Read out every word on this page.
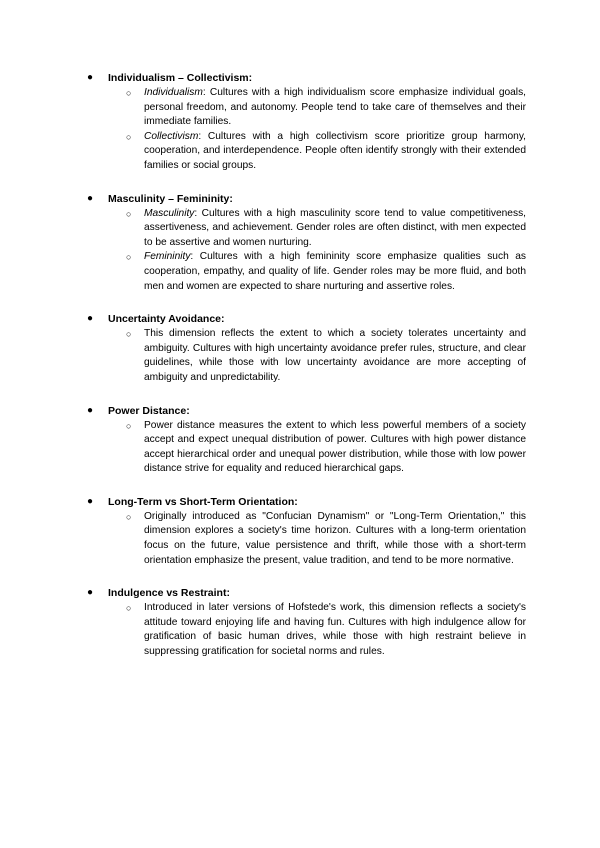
● Individualism – Collectivism:
○ Individualism: Cultures with a high individualism score emphasize individual goals, personal freedom, and autonomy. People tend to take care of themselves and their immediate families.

○ Collectivism: Cultures with a high collectivism score prioritize group harmony, cooperation, and interdependence. People often identify strongly with their extended families or social groups.

● Masculinity – Femininity:
○ Masculinity: Cultures with a high masculinity score tend to value competitiveness, assertiveness, and achievement. Gender roles are often distinct, with men expected to be assertive and women nurturing.

○ Femininity: Cultures with a high femininity score emphasize qualities such as cooperation, empathy, and quality of life. Gender roles may be more fluid, and both men and women are expected to share nurturing and assertive roles.

● Uncertainty Avoidance:
○ This dimension reflects the extent to which a society tolerates uncertainty and ambiguity. Cultures with high uncertainty avoidance prefer rules, structure, and clear guidelines, while those with low uncertainty avoidance are more accepting of ambiguity and unpredictability.

● Power Distance:
○ Power distance measures the extent to which less powerful members of a society accept and expect unequal distribution of power. Cultures with high power distance accept hierarchical order and unequal power distribution, while those with low power distance strive for equality and reduced hierarchical gaps.

● Long-Term vs Short-Term Orientation:
○ Originally introduced as "Confucian Dynamism" or "Long-Term Orientation," this dimension explores a society's time horizon. Cultures with a long-term orientation focus on the future, value persistence and thrift, while those with a short-term orientation emphasize the present, value tradition, and tend to be more normative.

● Indulgence vs Restraint:
○ Introduced in later versions of Hofstede's work, this dimension reflects a society's attitude toward enjoying life and having fun. Cultures with high indulgence allow for gratification of basic human drives, while those with high restraint believe in suppressing gratification for societal norms and rules.
